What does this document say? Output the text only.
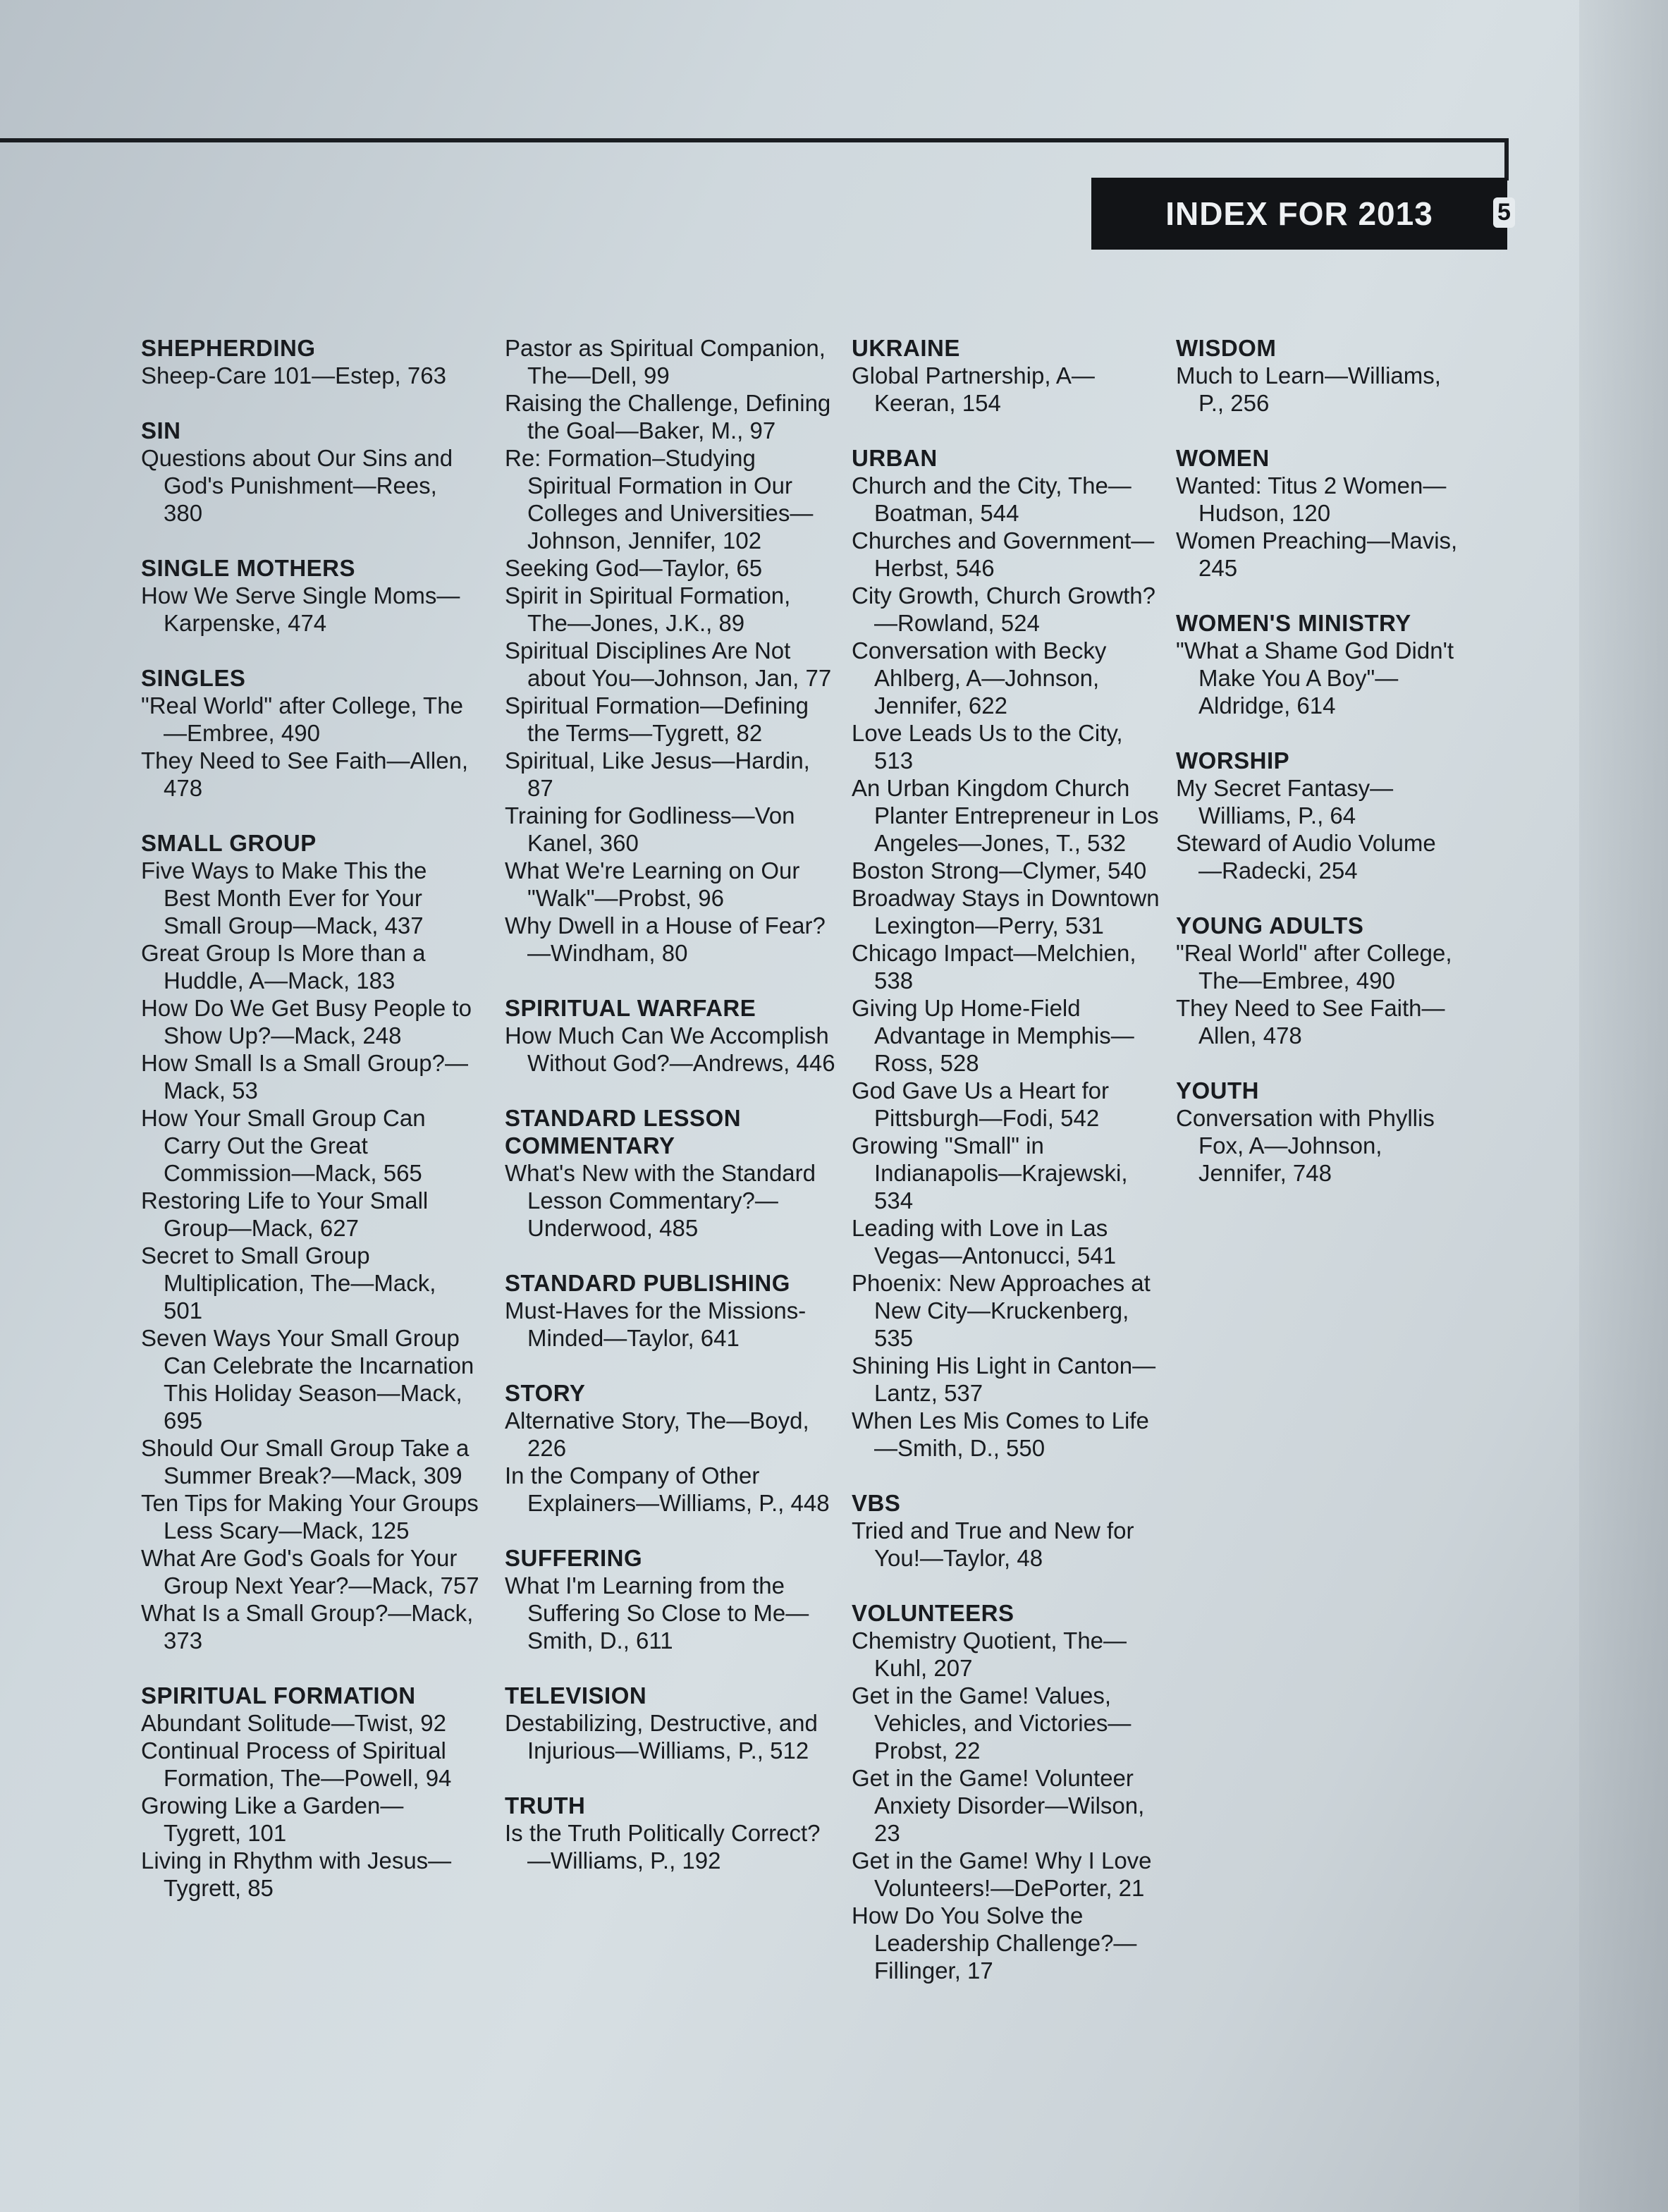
INDEX FOR 2013	5
SHEPHERDING
Sheep-Care 101—Estep, 763
SIN
Questions about Our Sins and God's Punishment—Rees, 380
SINGLE MOTHERS
How We Serve Single Moms—Karpenske, 474
SINGLES
"Real World" after College, The—Embree, 490
They Need to See Faith—Allen, 478
SMALL GROUP
Five Ways to Make This the Best Month Ever for Your Small Group—Mack, 437
Great Group Is More than a Huddle, A—Mack, 183
How Do We Get Busy People to Show Up?—Mack, 248
How Small Is a Small Group?—Mack, 53
How Your Small Group Can Carry Out the Great Commission—Mack, 565
Restoring Life to Your Small Group—Mack, 627
Secret to Small Group Multiplication, The—Mack, 501
Seven Ways Your Small Group Can Celebrate the Incarnation This Holiday Season—Mack, 695
Should Our Small Group Take a Summer Break?—Mack, 309
Ten Tips for Making Your Groups Less Scary—Mack, 125
What Are God's Goals for Your Group Next Year?—Mack, 757
What Is a Small Group?—Mack, 373
SPIRITUAL FORMATION
Abundant Solitude—Twist, 92
Continual Process of Spiritual Formation, The—Powell, 94
Growing Like a Garden—Tygrett, 101
Living in Rhythm with Jesus—Tygrett, 85
Pastor as Spiritual Companion, The—Dell, 99
Raising the Challenge, Defining the Goal—Baker, M., 97
Re: Formation–Studying Spiritual Formation in Our Colleges and Universities—Johnson, Jennifer, 102
Seeking God—Taylor, 65
Spirit in Spiritual Formation, The—Jones, J.K., 89
Spiritual Disciplines Are Not about You—Johnson, Jan, 77
Spiritual Formation—Defining the Terms—Tygrett, 82
Spiritual, Like Jesus—Hardin, 87
Training for Godliness—Von Kanel, 360
What We're Learning on Our "Walk"—Probst, 96
Why Dwell in a House of Fear?—Windham, 80
SPIRITUAL WARFARE
How Much Can We Accomplish Without God?—Andrews, 446
STANDARD LESSON COMMENTARY
What's New with the Standard Lesson Commentary?—Underwood, 485
STANDARD PUBLISHING
Must-Haves for the Missions-Minded—Taylor, 641
STORY
Alternative Story, The—Boyd, 226
In the Company of Other Explainers—Williams, P., 448
SUFFERING
What I'm Learning from the Suffering So Close to Me—Smith, D., 611
TELEVISION
Destabilizing, Destructive, and Injurious—Williams, P., 512
TRUTH
Is the Truth Politically Correct?—Williams, P., 192
UKRAINE
Global Partnership, A—Keeran, 154
URBAN
Church and the City, The—Boatman, 544
Churches and Government—Herbst, 546
City Growth, Church Growth?—Rowland, 524
Conversation with Becky Ahlberg, A—Johnson, Jennifer, 622
Love Leads Us to the City, 513
An Urban Kingdom Church Planter Entrepreneur in Los Angeles—Jones, T., 532
Boston Strong—Clymer, 540
Broadway Stays in Downtown Lexington—Perry, 531
Chicago Impact—Melchien, 538
Giving Up Home-Field Advantage in Memphis—Ross, 528
God Gave Us a Heart for Pittsburgh—Fodi, 542
Growing "Small" in Indianapolis—Krajewski, 534
Leading with Love in Las Vegas—Antonucci, 541
Phoenix: New Approaches at New City—Kruckenberg, 535
Shining His Light in Canton—Lantz, 537
When Les Mis Comes to Life—Smith, D., 550
VBS
Tried and True and New for You!—Taylor, 48
VOLUNTEERS
Chemistry Quotient, The—Kuhl, 207
Get in the Game! Values, Vehicles, and Victories—Probst, 22
Get in the Game! Volunteer Anxiety Disorder—Wilson, 23
Get in the Game! Why I Love Volunteers!—DePorter, 21
How Do You Solve the Leadership Challenge?—Fillinger, 17
WISDOM
Much to Learn—Williams, P., 256
WOMEN
Wanted: Titus 2 Women—Hudson, 120
Women Preaching—Mavis, 245
WOMEN'S MINISTRY
"What a Shame God Didn't Make You A Boy"—Aldridge, 614
WORSHIP
My Secret Fantasy—Williams, P., 64
Steward of Audio Volume—Radecki, 254
YOUNG ADULTS
"Real World" after College, The—Embree, 490
They Need to See Faith—Allen, 478
YOUTH
Conversation with Phyllis Fox, A—Johnson, Jennifer, 748
